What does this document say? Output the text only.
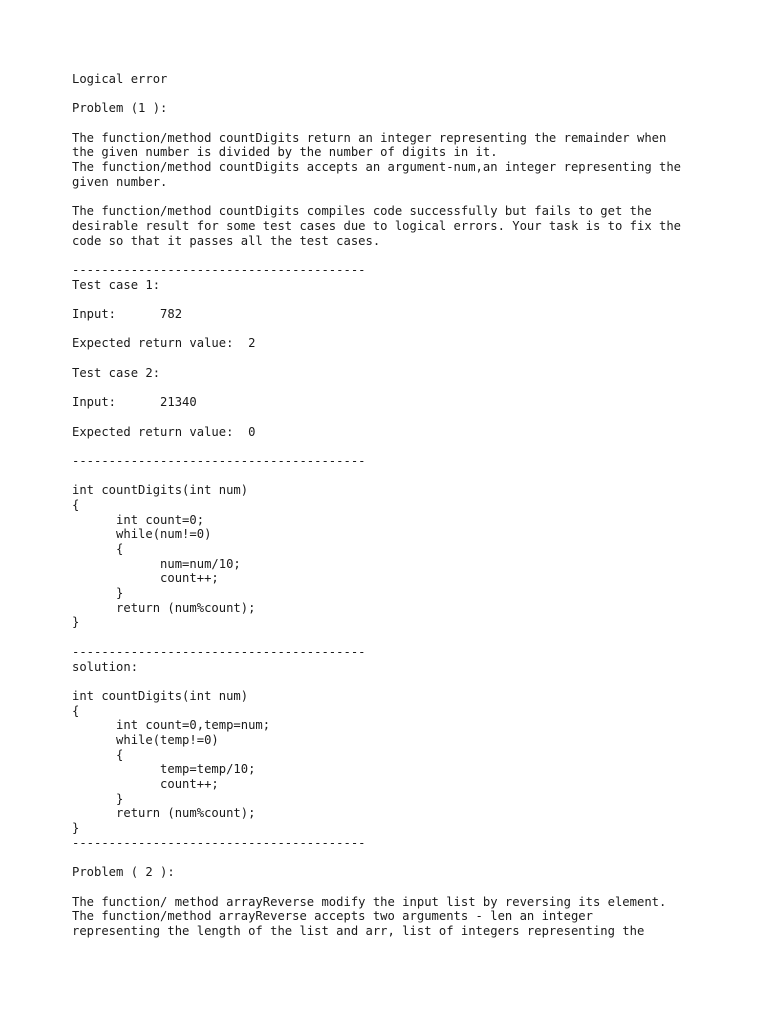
Logical error
Problem (1 ):
The function/method countDigits return an integer representing the remainder when
the given number is divided by the number of digits in it.
The function/method countDigits accepts an argument-num,an integer representing the
given number.
The function/method countDigits compiles code successfully but fails to get the
desirable result for some test cases due to logical errors. Your task is to fix the
code so that it passes all the test cases.
----------------------------------------
Test case 1:
Input:      782
Expected return value:  2
Test case 2:
Input:      21340
Expected return value:  0
----------------------------------------
int countDigits(int num)
{
int count=0;
while(num!=0)
{
num=num/10;
count++;
}
return (num%count);
}
----------------------------------------
solution:
int countDigits(int num)
{
int count=0,temp=num;
while(temp!=0)
{
temp=temp/10;
count++;
}
return (num%count);
}
----------------------------------------
Problem ( 2 ):
The function/ method arrayReverse modify the input list by reversing its element.
The function/method arrayReverse accepts two arguments - len an integer
representing the length of the list and arr, list of integers representing the
